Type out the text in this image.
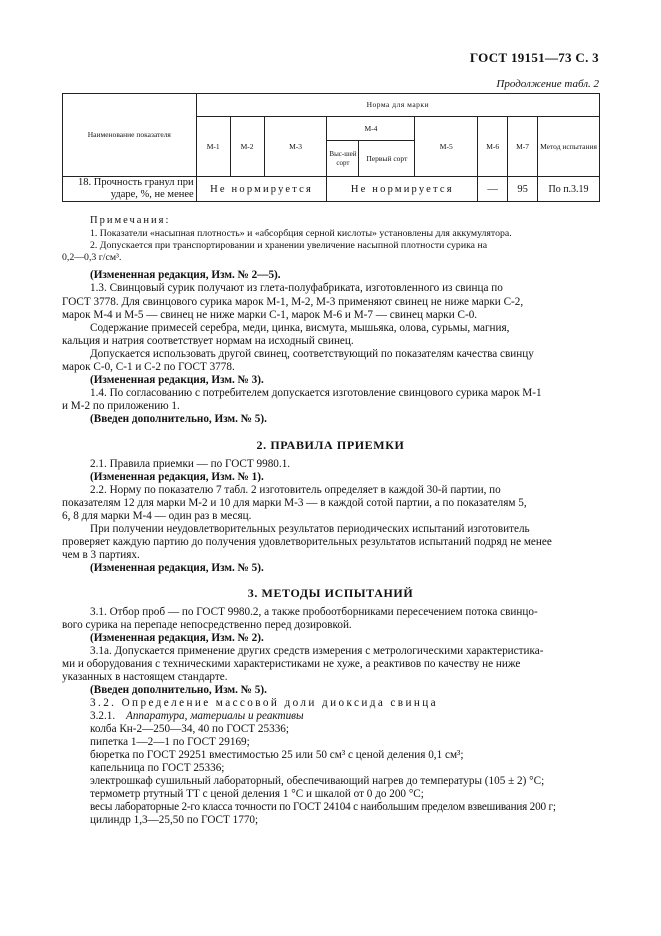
ГОСТ 19151—73 С. 3
Продолжение табл. 2
Наименование показателя	Норма для марки								
	М-1	М-2	М-3	М-4		М-5	М-6	М-7	Метод испытания
				Выс-шей сорт	Первый сорт				

18. Прочность гранул при
ударе, %, не менее	Не нормируется			Не нормируется			—	95	По п.3.19
Примечания:
1. Показатели «насыпная плотность» и «абсорбция серной кислоты» установлены для аккумулятора.
2. Допускается при транспортировании и хранении увеличение насыпной плотности сурика на
0,2—0,3 г/см³.
(Измененная редакция, Изм. № 2—5).
1.3. Свинцовый сурик получают из глета-полуфабриката, изготовленного из свинца по
ГОСТ 3778. Для свинцового сурика марок М-1, М-2, М-3 применяют свинец не ниже марки С-2,
марок М-4 и М-5 — свинец не ниже марки С-1, марок М-6 и М-7 — свинец марки С-0.
Содержание примесей серебра, меди, цинка, висмута, мышьяка, олова, сурьмы, магния,
кальция и натрия соответствует нормам на исходный свинец.
Допускается использовать другой свинец, соответствующий по показателям качества свинцу
марок С-0, С-1 и С-2 по ГОСТ 3778.
(Измененная редакция, Изм. № 3).
1.4. По согласованию с потребителем допускается изготовление свинцового сурика марок М-1
и М-2 по приложению 1.
(Введен дополнительно, Изм. № 5).
2. ПРАВИЛА ПРИЕМКИ
2.1. Правила приемки — по ГОСТ 9980.1.
(Измененная редакция, Изм. № 1).
2.2. Норму по показателю 7 табл. 2 изготовитель определяет в каждой 30-й партии, по
показателям 12 для марки М-2 и 10 для марки М-3 — в каждой сотой партии, а по показателям 5,
6, 8 для марки М-4 — один раз в месяц.
При получении неудовлетворительных результатов периодических испытаний изготовитель
проверяет каждую партию до получения удовлетворительных результатов испытаний подряд не менее
чем в 3 партиях.
(Измененная редакция, Изм. № 5).
3. МЕТОДЫ ИСПЫТАНИЙ
3.1. Отбор проб — по ГОСТ 9980.2, а также пробоотборниками пересечением потока свинцо-
вого сурика на перепаде непосредственно перед дозировкой.
(Измененная редакция, Изм. № 2).
3.1а. Допускается применение других средств измерения с метрологическими характеристика-
ми и оборудования с техническими характеристиками не хуже, а реактивов по качеству не ниже
указанных в настоящем стандарте.
(Введен дополнительно, Изм. № 5).
3.2. Определение массовой доли диоксида свинца
3.2.1. Аппаратура, материалы и реактивы
колба Кн-2—250—34, 40 по ГОСТ 25336;
пипетка 1—2—1 по ГОСТ 29169;
бюретка по ГОСТ 29251 вместимостью 25 или 50 см³ с ценой деления 0,1 см³;
капельница по ГОСТ 25336;
электрошкаф сушильный лабораторный, обеспечивающий нагрев до температуры (105 ± 2) °С;
термометр ртутный ТТ с ценой деления 1 °С и шкалой от 0 до 200 °С;
весы лабораторные 2-го класса точности по ГОСТ 24104 с наибольшим пределом взвешивания 200 г;
цилиндр 1,3—25,50 по ГОСТ 1770;
